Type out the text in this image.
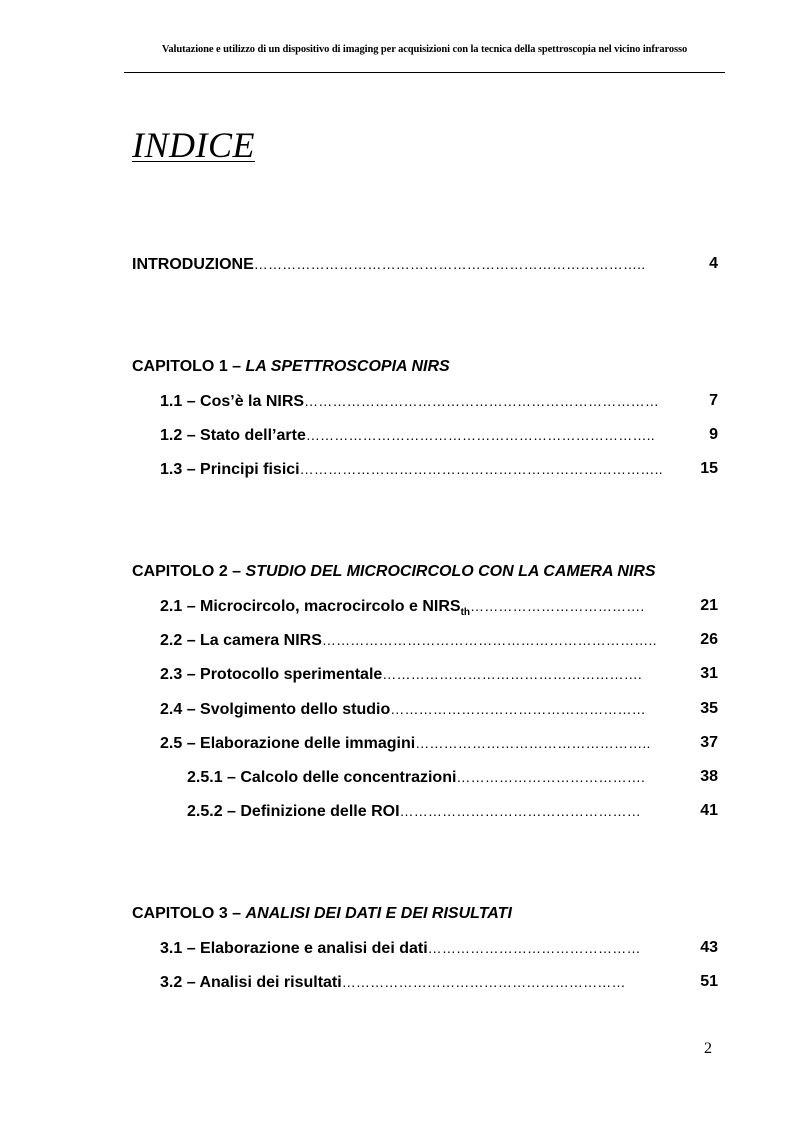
Valutazione e utilizzo di un dispositivo di imaging per acquisizioni con la tecnica della spettroscopia nel vicino infrarosso
INDICE
INTRODUZIONE………………………………………………………………………..	4
CAPITOLO 1 – LA SPETTROSCOPIA NIRS
1.1 – Cos’è la NIRS…………………………………………………………………	7
1.2 – Stato dell’arte………………………………………………………………..	9
1.3 – Principi fisici………………………………………………………………….. 15
CAPITOLO 2 – STUDIO DEL MICROCIRCOLO CON LA CAMERA NIRS
2.1 – Microcircolo, macrocircolo e $NIRS_{th}\dots\dots\dots\dots\dots\dots\dots\dots\dots\dots\dots\dots$.	21
2.2 – La camera NIRS……………………………………………………………..	26
2.3 – Protocollo sperimentale……………………………………………….	31
2.4 – Svolgimento dello studio………………………………………………	35
2.5 – Elaborazione delle immagini…………………………………………..	37
2.5.1 – Calcolo delle concentrazioni………………………………….	38
2.5.2 – Definizione delle ROI……………………………………………	41
CAPITOLO 3 – ANALISI DEI DATI E DEI RISULTATI
3.1 – Elaborazione e analisi dei dati………………………………………	43
3.2 – Analisi dei risultati……………………………………………………	51
2
